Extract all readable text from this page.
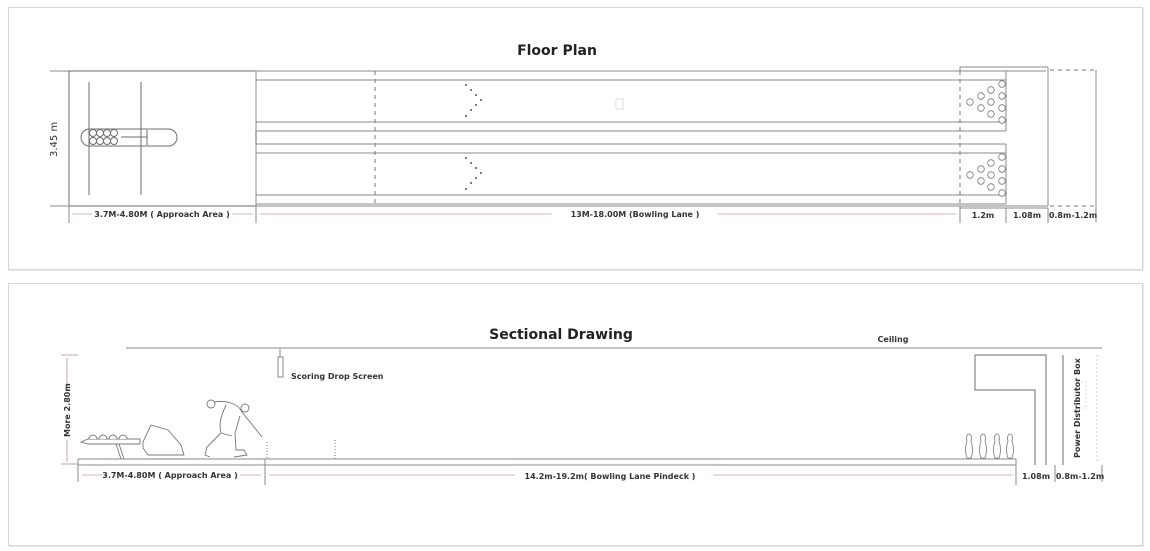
3.45 m
3.7M-4.80M ( Approach Area )	13M-18.00M (Bowling Lane )	1.2m 1.08m 0.8m-1.2m
Floor Plan
Sectional Drawing	Ceiling
Scoring Drop Screen
More 2.80m	Power Distributor Box
3.7M-4.80M ( Approach Area )	14.2m-19.2m( Bowling Lane Pindeck )	1.08m 0.8m-1.2m
